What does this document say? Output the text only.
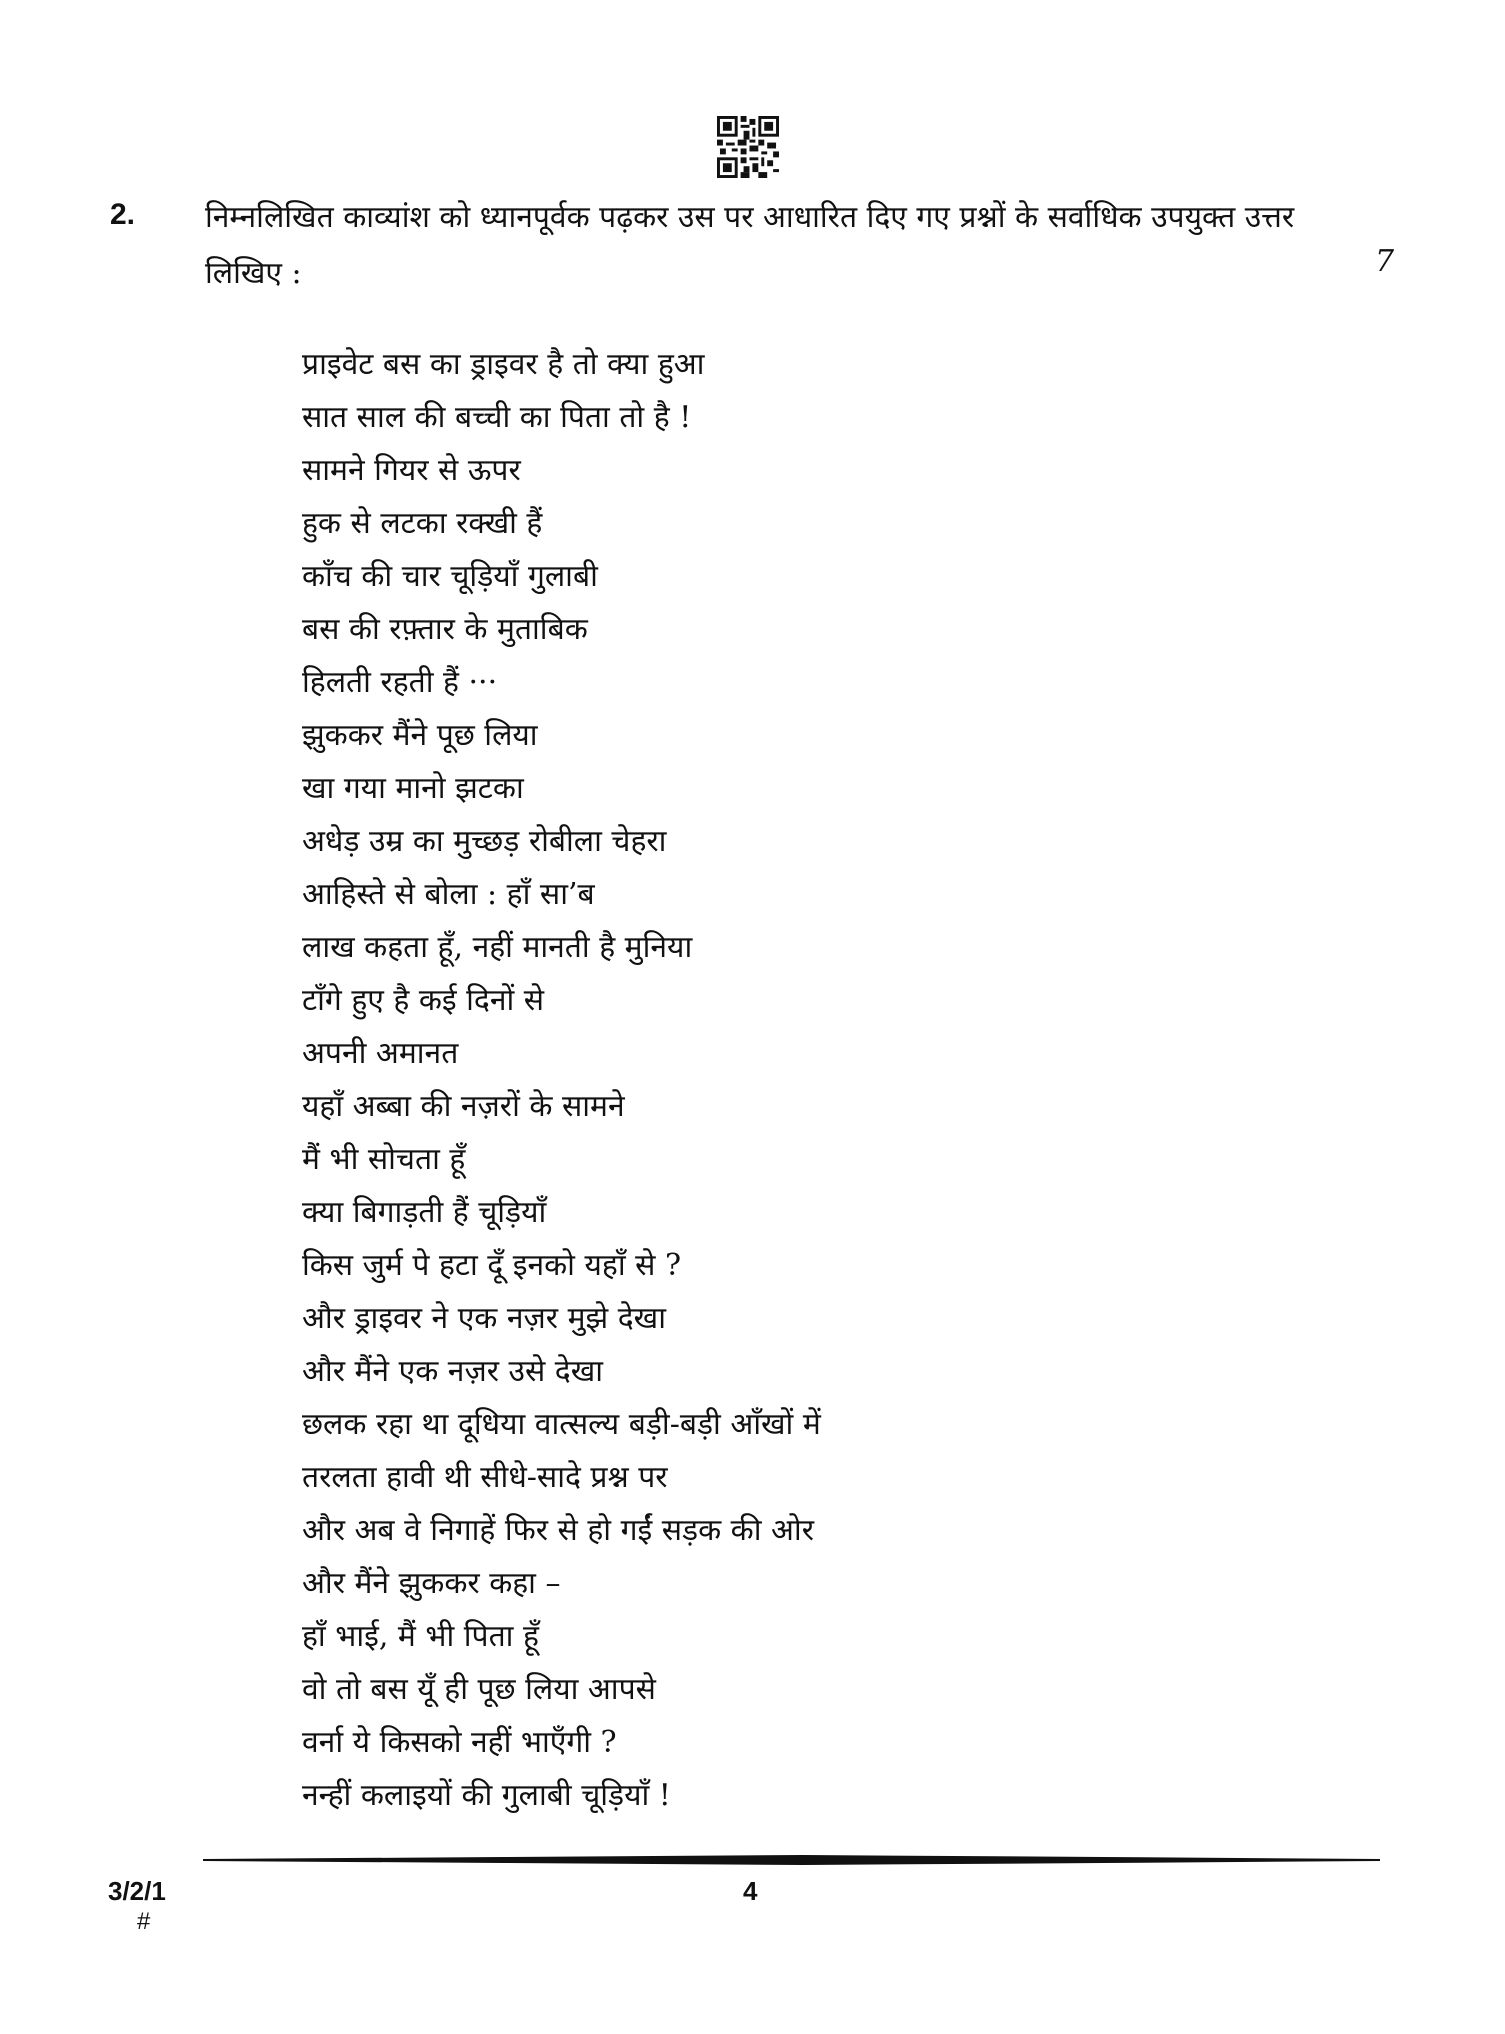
2. निम्नलिखित काव्यांश को ध्यानपूर्वक पढ़कर उस पर आधारित दिए गए प्रश्नों के सर्वाधिक उपयुक्त उत्तर लिखिए :	7
प्राइवेट बस का ड्राइवर है तो क्या हुआ
सात साल की बच्ची का पिता तो है !
सामने गियर से ऊपर
हुक से लटका रक्खी हैं
काँच की चार चूड़ियाँ गुलाबी
बस की रफ़्तार के मुताबिक
हिलती रहती हैं ···
झुककर मैंने पूछ लिया
खा गया मानो झटका
अधेड़ उम्र का मुच्छड़ रोबीला चेहरा
आहिस्ते से बोला : हाँ सा’ब
लाख कहता हूँ, नहीं मानती है मुनिया
टाँगे हुए है कई दिनों से
अपनी अमानत
यहाँ अब्बा की नज़रों के सामने
मैं भी सोचता हूँ
क्या बिगाड़ती हैं चूड़ियाँ
किस जुर्म पे हटा दूँ इनको यहाँ से ?
और ड्राइवर ने एक नज़र मुझे देखा
और मैंने एक नज़र उसे देखा
छलक रहा था दूधिया वात्सल्य बड़ी-बड़ी आँखों में
तरलता हावी थी सीधे-सादे प्रश्न पर
और अब वे निगाहें फिर से हो गईं सड़क की ओर
और मैंने झुककर कहा –
हाँ भाई, मैं भी पिता हूँ
वो तो बस यूँ ही पूछ लिया आपसे
वर्ना ये किसको नहीं भाएँगी ?
नन्हीं कलाइयों की गुलाबी चूड़ियाँ !
3/2/1
#
4
